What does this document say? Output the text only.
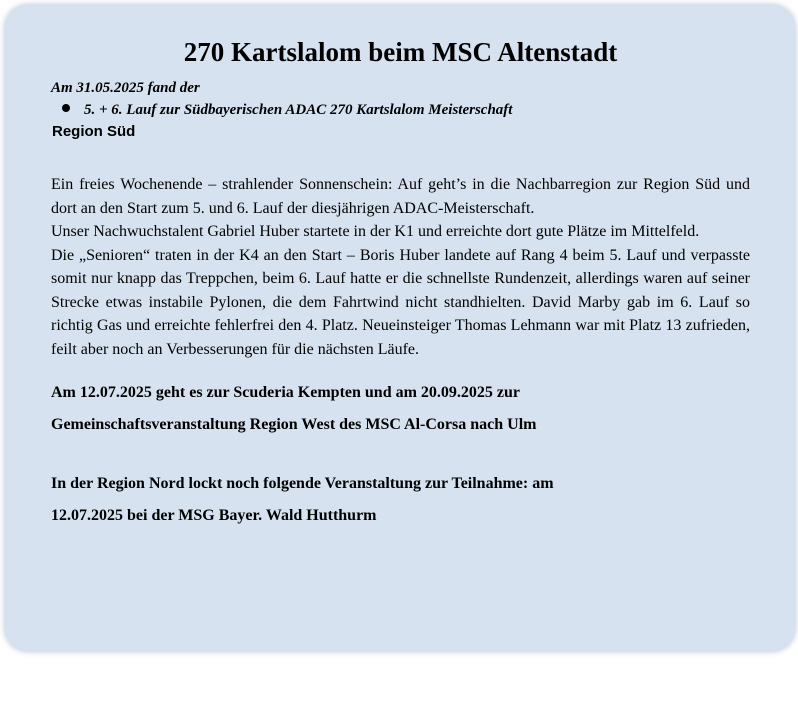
270 Kartslalom beim MSC Altenstadt
Am 31.05.2025 fand der
5. + 6. Lauf zur Südbayerischen ADAC 270 Kartslalom Meisterschaft
Region Süd

Ein freies Wochenende – strahlender Sonnenschein: Auf geht’s in die Nachbarregion zur Region Süd und dort an den Start zum 5. und 6. Lauf der diesjährigen ADAC-Meisterschaft.

Unser Nachwuchstalent Gabriel Huber startete in der K1 und erreichte dort gute Plätze im Mittelfeld.

Die „Senioren“ traten in der K4 an den Start – Boris Huber landete auf Rang 4 beim 5. Lauf und verpasste somit nur knapp das Treppchen, beim 6. Lauf hatte er die schnellste Rundenzeit, allerdings waren auf seiner Strecke etwas instabile Pylonen, die dem Fahrtwind nicht standhielten. David Marby gab im 6. Lauf so richtig Gas und erreichte fehlerfrei den 4. Platz. Neueinsteiger Thomas Lehmann war mit Platz 13 zufrieden, feilt aber noch an Verbesserungen für die nächsten Läufe.

Am 12.07.2025 geht es zur Scuderia Kempten und am 20.09.2025 zur
Gemeinschaftsveranstaltung Region West des MSC Al-Corsa nach Ulm

In der Region Nord lockt noch folgende Veranstaltung zur Teilnahme: am
12.07.2025 bei der MSG Bayer. Wald Hutthurm
